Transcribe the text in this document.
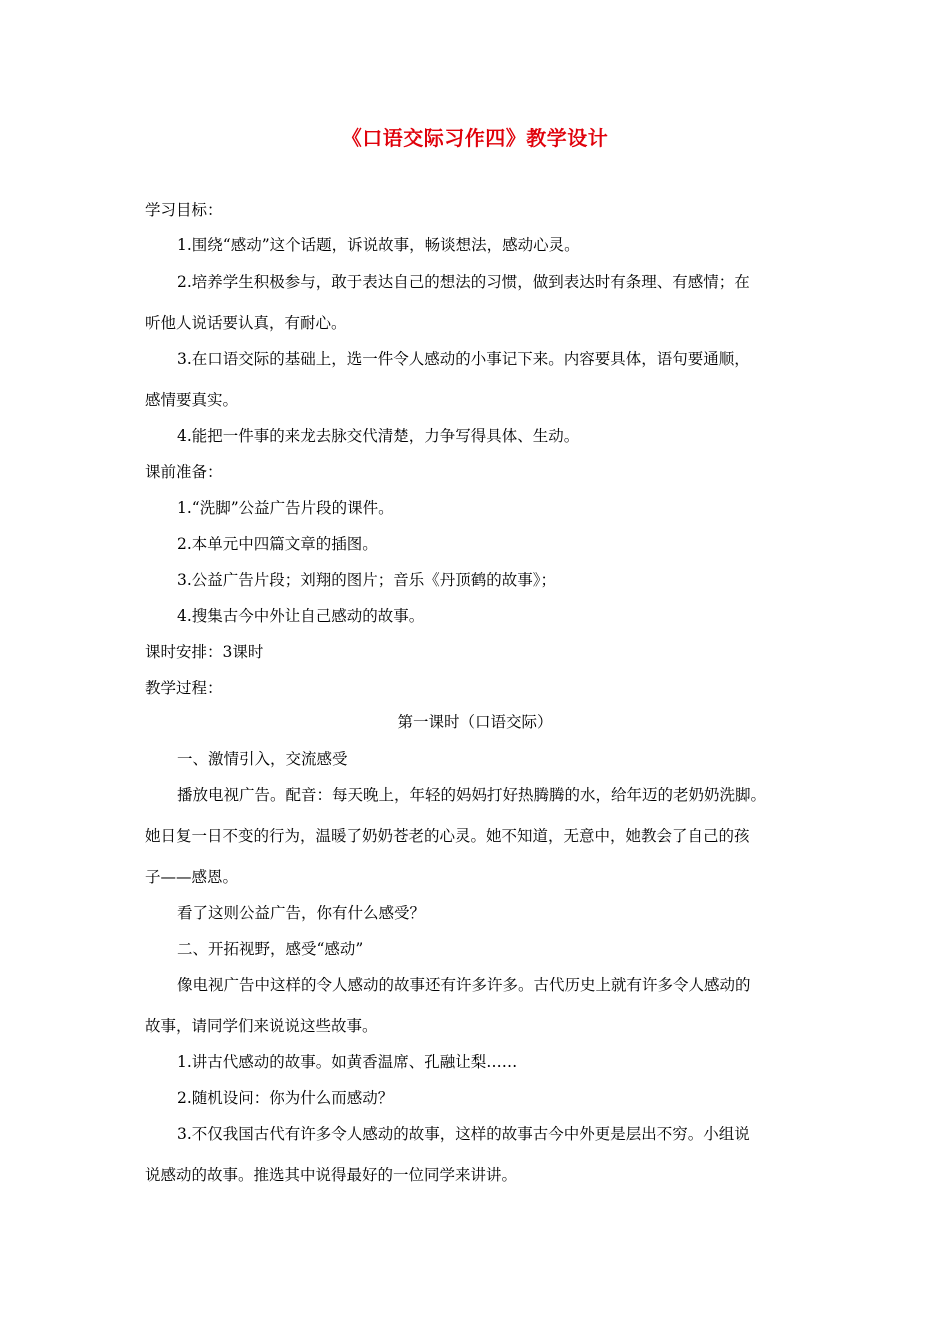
《口语交际习作四》教学设计
学习目标：
1.围绕“感动”这个话题，诉说故事，畅谈想法，感动心灵。
2.培养学生积极参与，敢于表达自己的想法的习惯，做到表达时有条理、有感情；在
听他人说话要认真，有耐心。
3.在口语交际的基础上，选一件令人感动的小事记下来。内容要具体，语句要通顺，
感情要真实。
4.能把一件事的来龙去脉交代清楚，力争写得具体、生动。
课前准备：
1.“洗脚”公益广告片段的课件。
2.本单元中四篇文章的插图。
3.公益广告片段；刘翔的图片；音乐《丹顶鹤的故事》；
4.搜集古今中外让自己感动的故事。
课时安排：3课时
教学过程：
第一课时（口语交际）
一、激情引入，交流感受
播放电视广告。配音：每天晚上，年轻的妈妈打好热腾腾的水，给年迈的老奶奶洗脚。
她日复一日不变的行为，温暖了奶奶苍老的心灵。她不知道，无意中，她教会了自己的孩
子——感恩。
看了这则公益广告，你有什么感受？
二、开拓视野，感受“感动”
像电视广告中这样的令人感动的故事还有许多许多。古代历史上就有许多令人感动的
故事，请同学们来说说这些故事。
1.讲古代感动的故事。如黄香温席、孔融让梨……
2.随机设问：你为什么而感动？
3.不仅我国古代有许多令人感动的故事，这样的故事古今中外更是层出不穷。小组说
说感动的故事。推选其中说得最好的一位同学来讲讲。
